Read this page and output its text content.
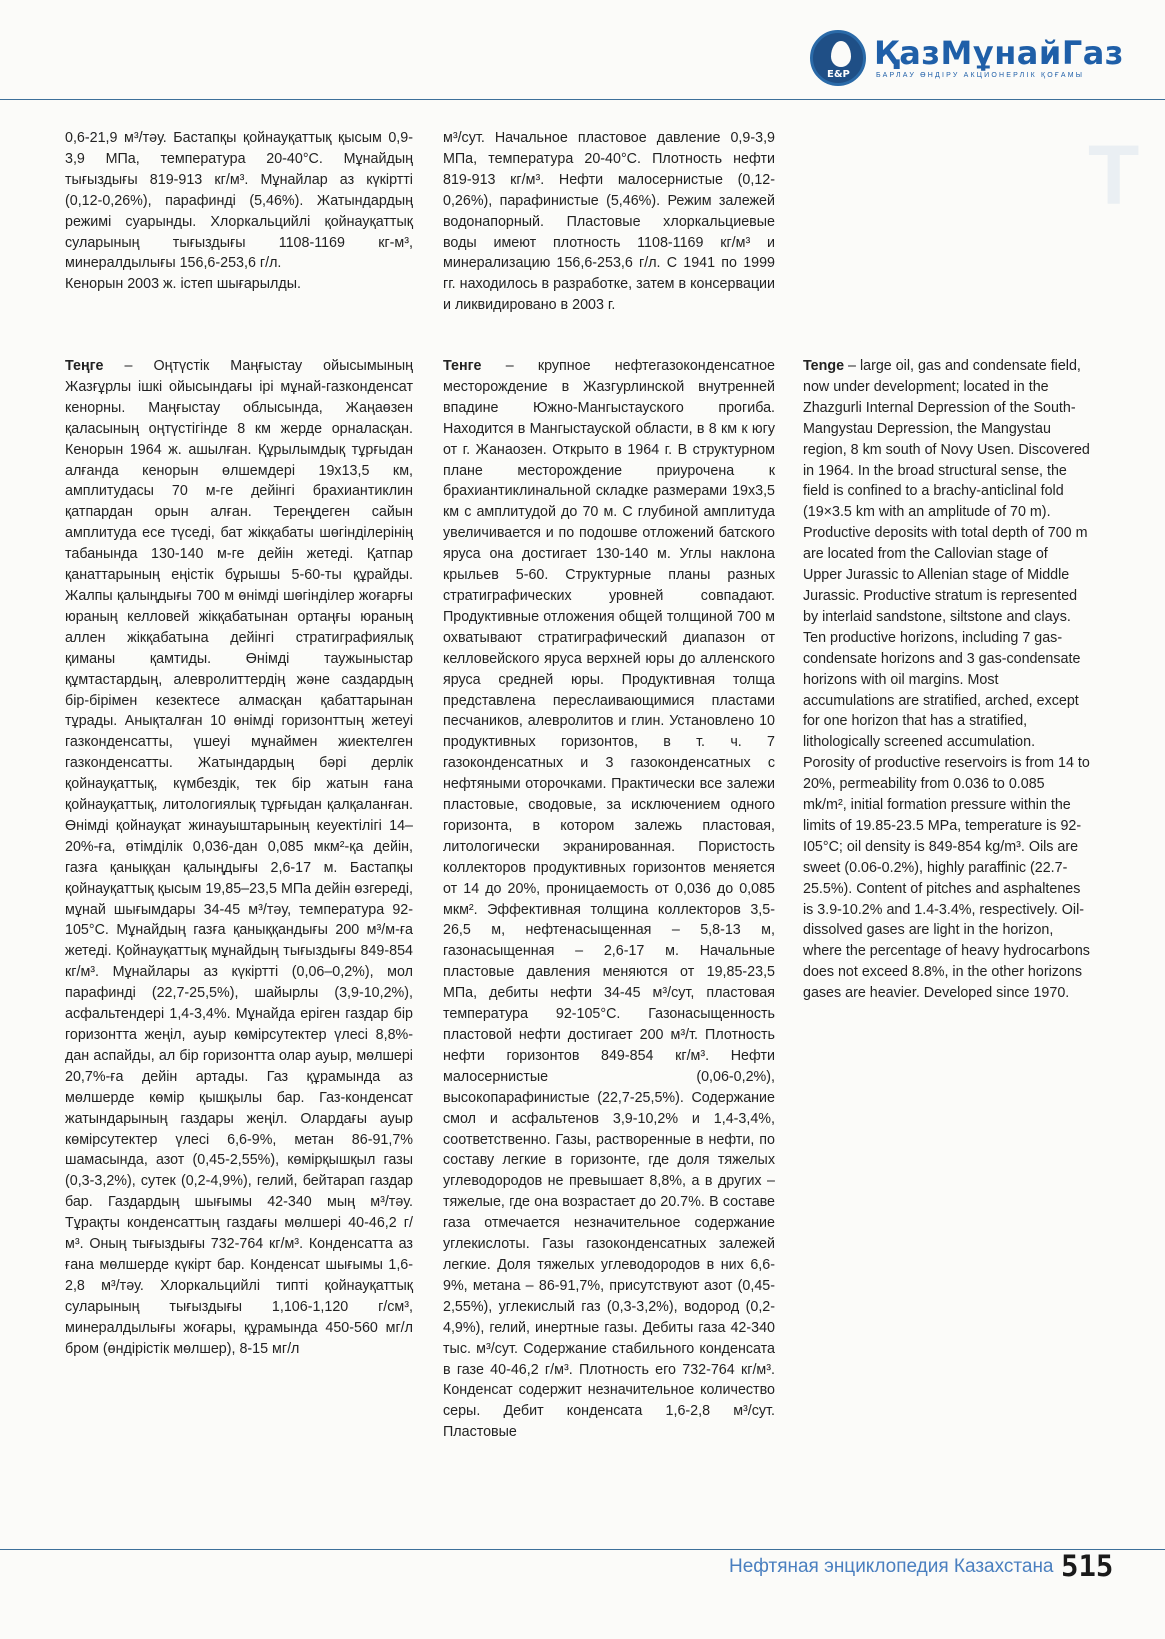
E&P
ҚазМұнайГаз
БАРЛАУ ӨНДІРУ АКЦИОНЕРЛІК ҚОҒАМЫ
Т

0,6-21,9 м³/тәу. Бастапқы қойнауқаттық қысым 0,9-3,9 МПа, температура 20-40°С. Мұнайдың тығыздығы 819-913 кг/м³. Мұнайлар аз күкіртті (0,12-0,26%), парафинді (5,46%). Жатындардың режимі суарынды. Хлоркальцийлі қойнауқаттық суларының тығыздығы 1108-1169 кг-м³, минералдылығы 156,6-253,6 г/л.

Кенорын 2003 ж. істеп шығарылды.

м³/сут. Начальное пластовое давление 0,9-3,9 МПа, температура 20-40°С. Плотность нефти 819-913 кг/м³. Нефти малосернистые (0,12-0,26%), парафинистые (5,46%). Режим залежей водонапорный. Пластовые хлоркальциевые воды имеют плотность 1108-1169 кг/м³ и минерализацию 156,6-253,6 г/л. С 1941 по 1999 гг. находилось в разработке, затем в консервации и ликвидировано в 2003 г.

Теңге – Оңтүстік Маңғыстау ойысымының Жазғұрлы ішкі ойысындағы ірі мұнай-газконденсат кенорны. Маңғыстау облысында, Жаңаөзен қаласының оңтүстігінде 8 км жерде орналасқан. Кенорын 1964 ж. ашылған. Құрылымдық тұрғыдан алғанда кенорын өлшемдері 19х13,5 км, амплитудасы 70 м-ге дейінгі брахиантиклин қатпардан орын алған. Тереңдеген сайын амплитуда есе түседі, бат жікқабаты шөгінділерінің табанында 130-140 м-ге дейін жетеді. Қатпар қанаттарының еңістік бұрышы 5-60-ты құрайды. Жалпы қалыңдығы 700 м өнімді шөгінділер жоғарғы юраның келловей жікқабатынан ортаңғы юраның аллен жікқабатына дейінгі стратиграфиялық қиманы қамтиды. Өнімді таужыныстар құмтастардың, алевролиттердің және саздардың бір-бірімен кезектесе алмасқан қабаттарынан тұрады. Анықталған 10 өнімді горизонттың жетеуі газконденсатты, үшеуі мұнаймен жиектелген газконденсатты. Жатындардың бәрі дерлік қойнауқаттық, күмбездік, тек бір жатын ғана қойнауқаттық, литологиялық тұрғыдан қалқаланған. Өнімді қойнауқат жинауыштарының кеуектілігі 14–20%-ға, өтімділік 0,036-дан 0,085 мкм²-қа дейін, газға қаныққан қалыңдығы 2,6-17 м. Бастапқы қойнауқаттық қысым 19,85–23,5 МПа дейін өзгереді, мұнай шығымдары 34-45 м³/тәу, температура 92-105°С. Мұнайдың газға қаныққандығы 200 м³/м-ға жетеді. Қойнауқаттық мұнайдың тығыздығы 849-854 кг/м³. Мұнайлары аз күкіртті (0,06–0,2%), мол парафинді (22,7-25,5%), шайырлы (3,9-10,2%), асфальтендері 1,4-3,4%. Мұнайда еріген газдар бір горизонтта жеңіл, ауыр көмірсутектер үлесі 8,8%-дан аспайды, ал бір горизонтта олар ауыр, мөлшері 20,7%-ға дейін артады. Газ құрамында аз мөлшерде көмір қышқылы бар. Газ-конденсат жатындарының газдары жеңіл. Олардағы ауыр көмірсутектер үлесі 6,6-9%, метан 86-91,7% шамасында, азот (0,45-2,55%), көмірқышқыл газы (0,3-3,2%), сутек (0,2-4,9%), гелий, бейтарап газдар бар. Газдардың шығымы 42-340 мың м³/тәу. Тұрақты конденсаттың газдағы мөлшері 40-46,2 г/м³. Оның тығыздығы 732-764 кг/м³. Конденсатта аз ғана мөлшерде күкірт бар. Конденсат шығымы 1,6-2,8 м³/тәу. Хлоркальцийлі типті қойнауқаттық суларының тығыздығы 1,106-1,120 г/см³, минералдылығы жоғары, құрамында 450-560 мг/л бром (өндірістік мөлшер), 8-15 мг/л

Тенге – крупное нефтегазоконденсатное месторождение в Жазгурлинской внутренней впадине Южно-Мангыстауского прогиба. Находится в Мангыстауской области, в 8 км к югу от г. Жанаозен. Открыто в 1964 г. В структурном плане месторождение приурочена к брахиантиклинальной складке размерами 19х3,5 км с амплитудой до 70 м. С глубиной амплитуда увеличивается и по подошве отложений батского яруса она достигает 130-140 м. Углы наклона крыльев 5-60. Структурные планы разных стратиграфических уровней совпадают. Продуктивные отложения общей толщиной 700 м охватывают стратиграфический диапазон от келловейского яруса верхней юры до алленского яруса средней юры. Продуктивная толща представлена переслаивающимися пластами песчаников, алевролитов и глин. Установлено 10 продуктивных горизонтов, в т. ч. 7 газоконденсатных и 3 газоконденсатных с нефтяными оторочками. Практически все залежи пластовые, сводовые, за исключением одного горизонта, в котором залежь пластовая, литологически экранированная. Пористость коллекторов продуктивных горизонтов меняется от 14 до 20%, проницаемость от 0,036 до 0,085 мкм². Эффективная толщина коллекторов 3,5-26,5 м, нефтенасыщенная – 5,8-13 м, газонасыщенная – 2,6-17 м. Начальные пластовые давления меняются от 19,85-23,5 МПа, дебиты нефти 34-45 м³/сут, пластовая температура 92-105°С. Газонасыщенность пластовой нефти достигает 200 м³/т. Плотность нефти горизонтов 849-854 кг/м³. Нефти малосернистые (0,06-0,2%), высокопарафинистые (22,7-25,5%). Содержание смол и асфальтенов 3,9-10,2% и 1,4-3,4%, соответственно. Газы, растворенные в нефти, по составу легкие в горизонте, где доля тяжелых углеводородов не превышает 8,8%, а в других – тяжелые, где она возрастает до 20.7%. В составе газа отмечается незначительное содержание углекислоты. Газы газоконденсатных залежей легкие. Доля тяжелых углеводородов в них 6,6-9%, метана – 86-91,7%, присутствуют азот (0,45-2,55%), углекислый газ (0,3-3,2%), водород (0,2-4,9%), гелий, инертные газы. Дебиты газа 42-340 тыс. м³/сут. Содержание стабильного конденсата в газе 40-46,2 г/м³. Плотность его 732-764 кг/м³. Конденсат содержит незначительное количество серы. Дебит конденсата 1,6-2,8 м³/сут. Пластовые

Tenge – large oil, gas and condensate field, now under development; located in the Zhazgurli Internal Depression of the South-Mangystau Depression, the Mangystau region, 8 km south of Novy Usen. Discovered in 1964. In the broad structural sense, the field is confined to a brachy-anticlinal fold (19×3.5 km with an amplitude of 70 m). Productive deposits with total depth of 700 m are located from the Callovian stage of Upper Jurassic to Allenian stage of Middle Jurassic. Productive stratum is represented by interlaid sandstone, siltstone and clays. Ten productive horizons, including 7 gas-condensate horizons and 3 gas-condensate horizons with oil margins. Most accumulations are stratified, arched, except for one horizon that has a stratified, lithologically screened accumulation. Porosity of productive reservoirs is from 14 to 20%, permeability from 0.036 to 0.085 mk/m², initial formation pressure within the limits of 19.85-23.5 MPa, temperature is 92-I05°C; oil density is 849-854 kg/m³. Oils are sweet (0.06-0.2%), highly paraffinic (22.7-25.5%). Content of pitches and asphaltenes is 3.9-10.2% and 1.4-3.4%, respectively. Oil-dissolved gases are light in the horizon, where the percentage of heavy hydrocarbons does not exceed 8.8%, in the other horizons gases are heavier. Developed since 1970.

Нефтяная энциклопедия Казахстана 515
